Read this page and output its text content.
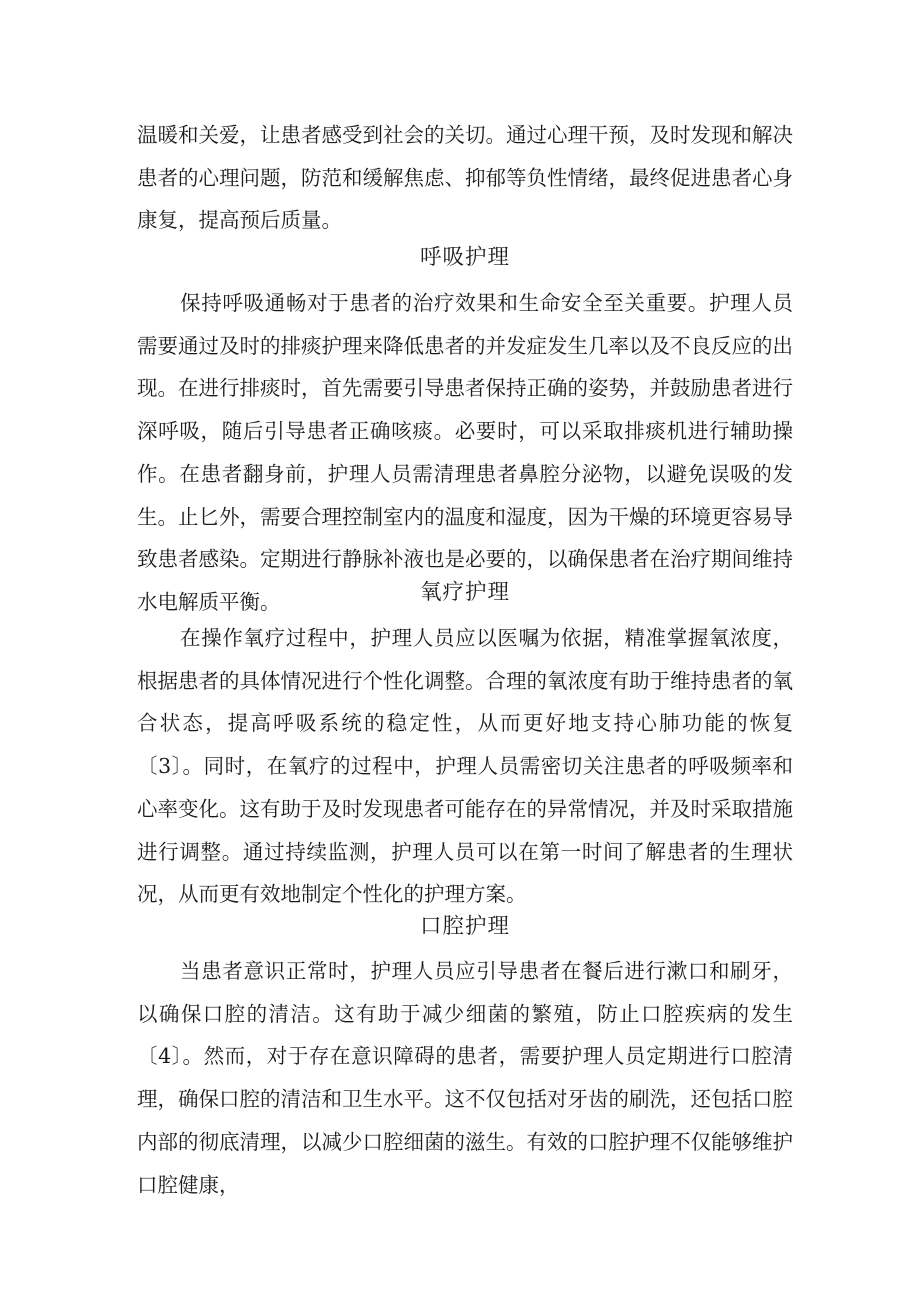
温暖和关爱，让患者感受到社会的关切。通过心理干预，及时发现和解决患者的心理问题，防范和缓解焦虑、抑郁等负性情绪，最终促进患者心身康复，提高预后质量。

呼吸护理

保持呼吸通畅对于患者的治疗效果和生命安全至关重要。护理人员需要通过及时的排痰护理来降低患者的并发症发生几率以及不良反应的出现。在进行排痰时，首先需要引导患者保持正确的姿势，并鼓励患者进行深呼吸，随后引导患者正确咳痰。必要时，可以采取排痰机进行辅助操作。在患者翻身前，护理人员需清理患者鼻腔分泌物，以避免误吸的发生。止匕外，需要合理控制室内的温度和湿度，因为干燥的环境更容易导致患者感染。定期进行静脉补液也是必要的，以确保患者在治疗期间维持水电解质平衡。	氧疗护理

在操作氧疗过程中，护理人员应以医嘱为依据，精准掌握氧浓度，根据患者的具体情况进行个性化调整。合理的氧浓度有助于维持患者的氧合状态，提高呼吸系统的稳定性，从而更好地支持心肺功能的恢复〔3〕。同时，在氧疗的过程中，护理人员需密切关注患者的呼吸频率和心率变化。这有助于及时发现患者可能存在的异常情况，并及时采取措施进行调整。通过持续监测，护理人员可以在第一时间了解患者的生理状况，从而更有效地制定个性化的护理方案。

口腔护理

当患者意识正常时，护理人员应引导患者在餐后进行漱口和刷牙，以确保口腔的清洁。这有助于减少细菌的繁殖，防止口腔疾病的发生〔4〕。然而，对于存在意识障碍的患者，需要护理人员定期进行口腔清理，确保口腔的清洁和卫生水平。这不仅包括对牙齿的刷洗，还包括口腔内部的彻底清理，以减少口腔细菌的滋生。有效的口腔护理不仅能够维护口腔健康，
